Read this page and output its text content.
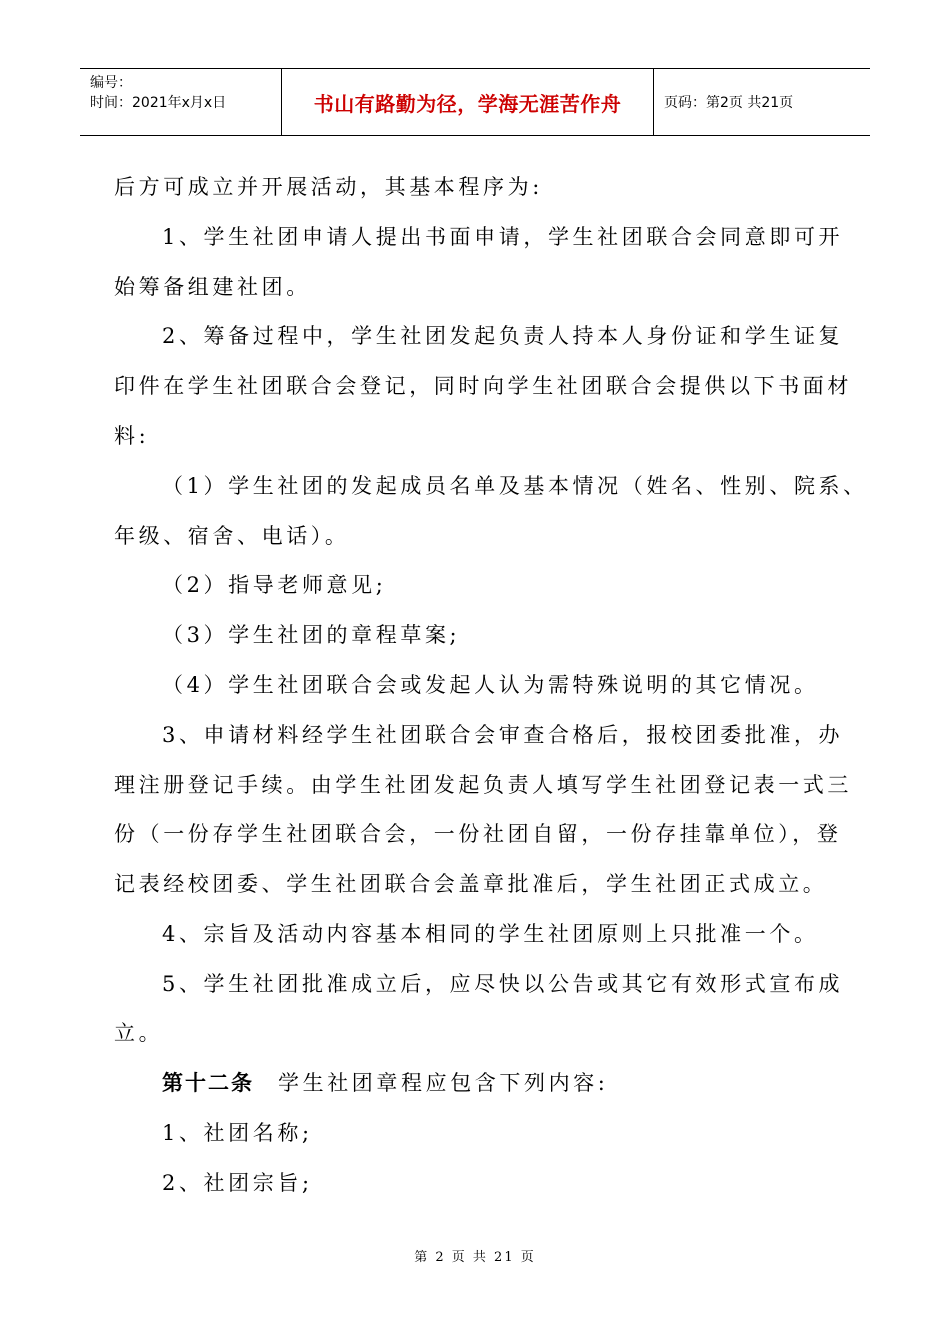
编号：
时间：2021年x月x日	书山有路勤为径，学海无涯苦作舟	页码：第2页 共21页
后方可成立并开展活动，其基本程序为:
1、学生社团申请人提出书面申请，学生社团联合会同意即可开
始筹备组建社团。
2、筹备过程中，学生社团发起负责人持本人身份证和学生证复
印件在学生社团联合会登记，同时向学生社团联合会提供以下书面材
料:
（1）学生社团的发起成员名单及基本情况（姓名、性别、院系、
年级、宿舍、电话）。
（2）指导老师意见;
（3）学生社团的章程草案;
（4）学生社团联合会或发起人认为需特殊说明的其它情况。
3、申请材料经学生社团联合会审查合格后，报校团委批准，办
理注册登记手续。由学生社团发起负责人填写学生社团登记表一式三
份（一份存学生社团联合会，一份社团自留，一份存挂靠单位），登
记表经校团委、学生社团联合会盖章批准后，学生社团正式成立。
4、宗旨及活动内容基本相同的学生社团原则上只批准一个。
5、学生社团批准成立后，应尽快以公告或其它有效形式宣布成
立。
第十二条 学生社团章程应包含下列内容:
1、社团名称;
2、社团宗旨;
第 2 页 共 21 页
